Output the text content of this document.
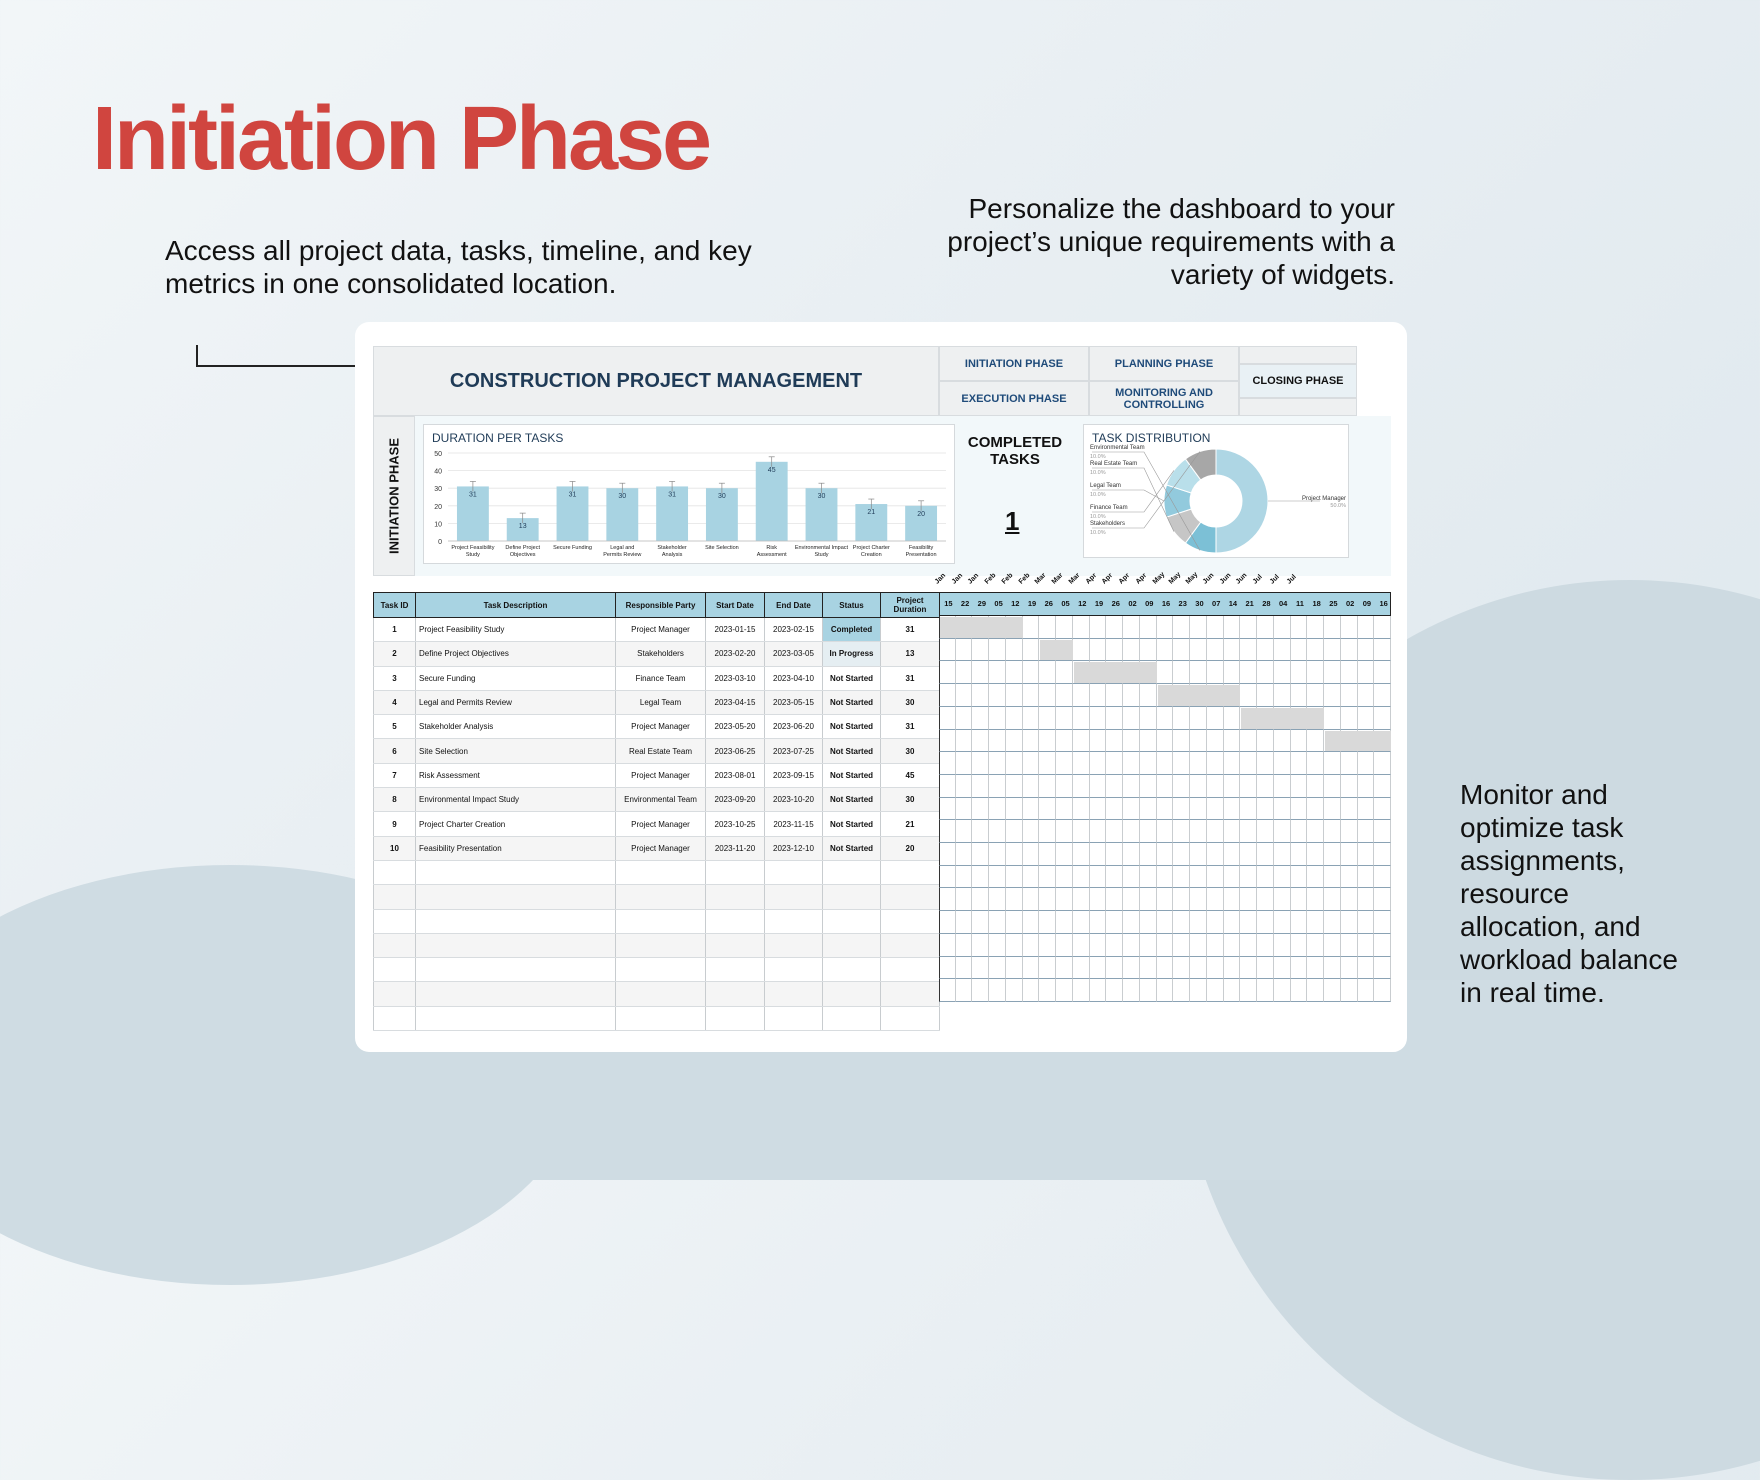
Initiation Phase
Access all project data, tasks, timeline, and key metrics in one consolidated location.
Personalize the dashboard to your project’s unique requirements with a variety of widgets.
Monitor and optimize task assignments, resource allocation, and workload balance in real time.
CONSTRUCTION PROJECT MANAGEMENT
INITIATION PHASE	PLANNING PHASE
EXECUTION PHASE	MONITORING AND CONTROLLING
CLOSING PHASE
INITIATION PHASE	DURATION PER TASKS
0
10
20
30
40
50
31
Project Feasibility Study
13
Define Project Objectives
31
Secure Funding
30
Legal and Permits Review
31
Stakeholder Analysis
30
Site Selection
45
Risk Assessment
30
Environmental Impact Study
21
Project Charter Creation
20
Feasibility Presentation
COMPLETED TASKS
1
TASK DISTRIBUTION
Project Manager
50.0%
Environmental Team
10.0%
Real Estate Team
10.0%
Legal Team
10.0%
Finance Team
10.0%
Stakeholders
10.0%
Task ID	Task Description	Responsible Party	Start Date	End Date	Status	Project Duration
1	Project Feasibility Study	Project Manager	2023-01-15	2023-02-15	Completed	31
2	Define Project Objectives	Stakeholders	2023-02-20	2023-03-05	In Progress	13
3	Secure Funding	Finance Team	2023-03-10	2023-04-10	Not Started	31
4	Legal and Permits Review	Legal Team	2023-04-15	2023-05-15	Not Started	30
5	Stakeholder Analysis	Project Manager	2023-05-20	2023-06-20	Not Started	31
6	Site Selection	Real Estate Team	2023-06-25	2023-07-25	Not Started	30
7	Risk Assessment	Project Manager	2023-08-01	2023-09-15	Not Started	45
8	Environmental Impact Study	Environmental Team	2023-09-20	2023-10-20	Not Started	30
9	Project Charter Creation	Project Manager	2023-10-25	2023-11-15	Not Started	21
10	Feasibility Presentation	Project Manager	2023-11-20	2023-12-10	Not Started	20

Jan Jan Jan Feb Feb Feb Mar Mar Mar Apr Apr Apr Apr May May May Jun Jun Jun Jul Jul Jul
15	22	29	05	12	19	26	05	12	19	26	02	09	16	23	30	07	14	21	28	04	11	18	25	02	09	16
